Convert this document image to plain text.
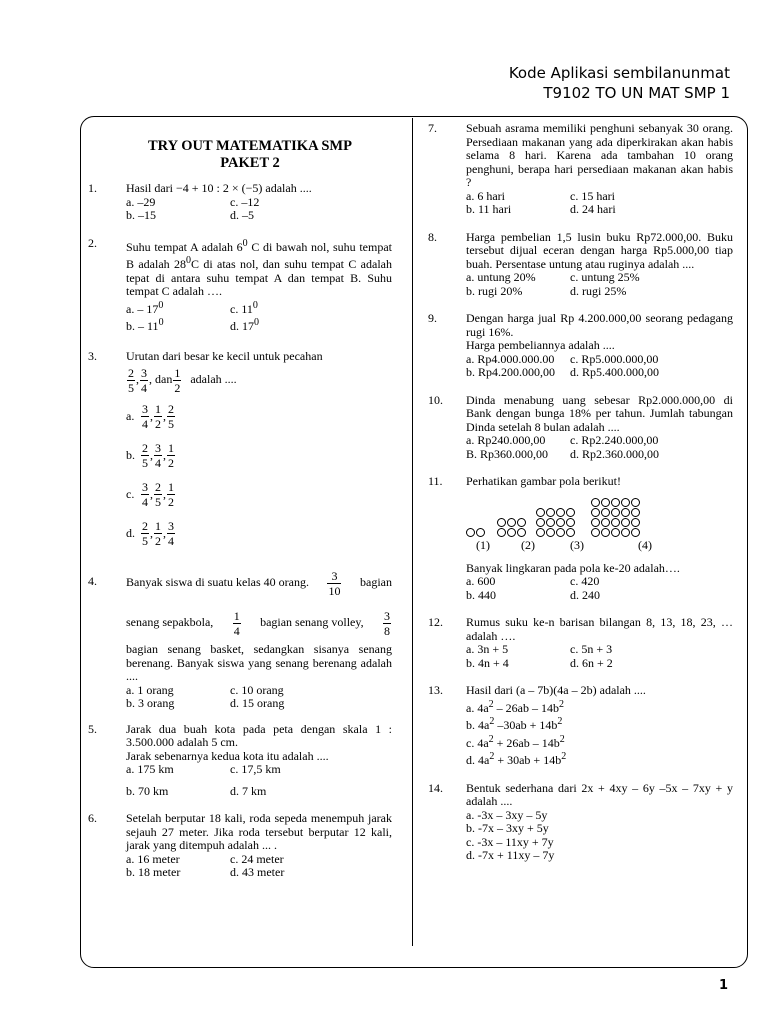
Kode Aplikasi sembilanunmat
T9102 TO UN MAT SMP 1
TRY OUT MATEMATIKA SMP
PAKET 2
1. Hasil dari −4 + 10 : 2 × (−5) adalah ....
a. –29	c. –12
b. –15	d. –5
2. Suhu tempat A adalah $6^0$ C di bawah nol, suhu tempat B adalah $28^0C$ di atas nol, dan suhu tempat C adalah tepat di antara suhu tempat A dan tempat B. Suhu tempat C adalah ….
a. – $17^0$	c. $11^0$
b. – $11^0$	d. $17^0$
3. Urutan dari besar ke kecil untuk pecahan
2
5
, 3
4
, dan 1
2
adalah ....
a. 3
4
, 1
2
, 2
5
b. 2
5
, 3
4
, 1
2
c. 3
4
, 2
5
, 1
2
d. 2
5
, 1
2
, 3
4
4. Banyak siswa di suatu kelas 40 orang.	3
10
bagian
senang sepakbola, 1
4
bagian senang volley, 3
8
bagian senang basket, sedangkan sisanya senang berenang. Banyak siswa yang senang berenang adalah ....
a. 1 orang	c. 10 orang
b. 3 orang	d. 15 orang
5. Jarak dua buah kota pada peta dengan skala 1 : 3.500.000 adalah 5 cm.
Jarak sebenarnya kedua kota itu adalah ....
a. 175 km	c. 17,5 km
b. 70 km	d. 7 km
6. Setelah berputar 18 kali, roda sepeda menempuh jarak sejauh 27 meter. Jika roda tersebut berputar 12 kali, jarak yang ditempuh adalah ... .
a. 16 meter	c. 24 meter
b. 18 meter	d. 43 meter
7. Sebuah asrama memiliki penghuni sebanyak 30 orang. Persediaan makanan yang ada diperkirakan akan habis selama 8 hari. Karena ada tambahan 10 orang penghuni, berapa hari persediaan makanan akan habis ?
a. 6 hari	c. 15 hari
b. 11 hari	d. 24 hari
8. Harga pembelian 1,5 lusin buku Rp72.000,00. Buku tersebut dijual eceran dengan harga Rp5.000,00 tiap buah. Persentase untung atau ruginya adalah ....
a. untung 20%	c. untung 25%
b. rugi 20%	d. rugi 25%
9. Dengan harga jual Rp 4.200.000,00 seorang pedagang rugi 16%.
Harga pembeliannya adalah ....
a. Rp4.000.000.00	c. Rp5.000.000,00
b. Rp4.200.000,00	d. Rp5.400.000,00
10. Dinda menabung uang sebesar Rp2.000.000,00 di Bank dengan bunga 18% per tahun. Jumlah tabungan Dinda setelah 8 bulan adalah ....
a. Rp240.000,00	c. Rp2.240.000,00
B. Rp360.000,00	d. Rp2.360.000,00
11. Perhatikan gambar pola berikut!
(1)	(2)	(3)	(4)
Banyak lingkaran pada pola ke-20 adalah….
a. 600	c. 420
b. 440	d. 240
12. Rumus suku ke-n barisan bilangan 8, 13, 18, 23, …adalah ….
a. 3n + 5	c. 5n + 3
b. 4n + 4	d. 6n + 2
13. Hasil dari (a – 7b)(4a – 2b) adalah ....
a. $4a^2 - 26ab - 14b^2$
b. $4a^2$ $-30ab + 14b^2$
c. $4a^2 + 26ab - 14b^2$
d. $4a^2 + 30ab + 14b^2$
14. Bentuk sederhana dari 2x + 4xy – 6y –5x – 7xy + y adalah ....
a. -3x – 3xy – 5y
b. -7x – 3xy + 5y
c. -3x – 11xy + 7y
d. -7x + 11xy – 7y
1
